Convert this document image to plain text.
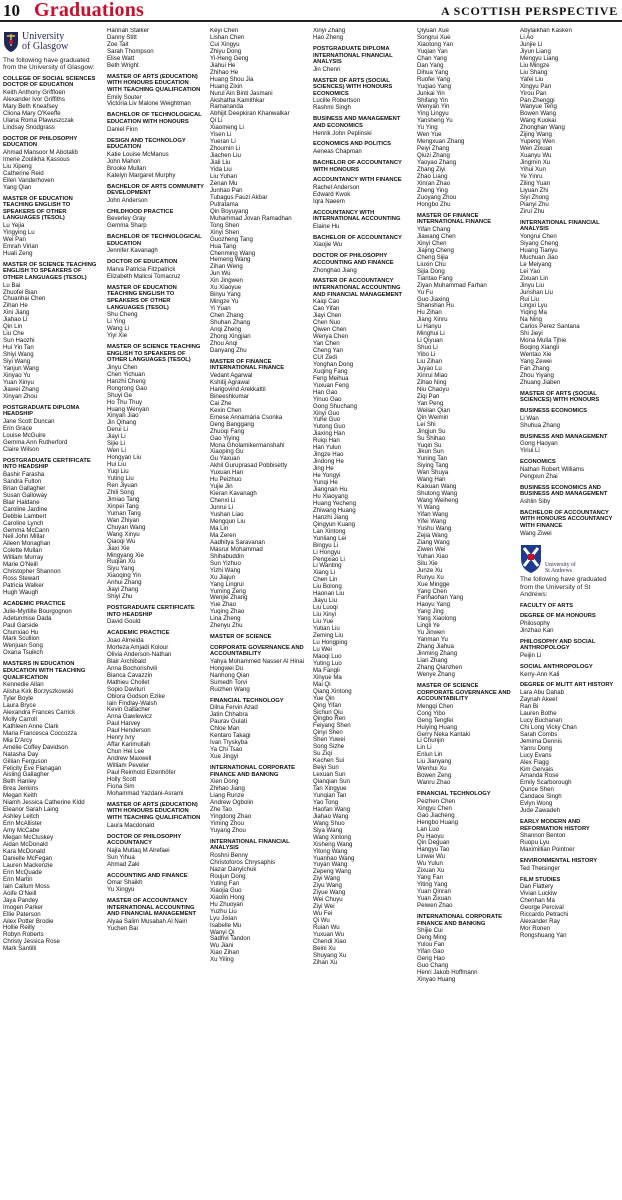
10 Graduations	A SCOTTISH PERSPECTIVE
University
of Glasgow
The following have graduated from the University of Glasgow:
COLLEGE OF SOCIAL SCIENCES DOCTOR OF EDUCATION
Keith Anthony Griffloen
Alexander Ivor Griffiths
Mary Beth Kneafsey
Cliona Mary O'Keeffe
Ulana Roma Plawuszczak
Lindsay Snodgrass
DOCTOR OF PHILOSOPHY EDUCATION
Ahmad Mansoor M Abotalib
Imene Zoulikha Kassous
Liu Xipeng
Catherine Reid
Ellen Vanderhoven
Yang Qian
MASTER OF EDUCATION TEACHING ENGLISH TO SPEAKERS OF OTHER LANGUAGES (TESOL)
Lu Yejia
Yingying Lu
Wei Pan
Emrah Virlan
Huali Zeng
MASTER OF SCIENCE TEACHING ENGLISH TO SPEAKERS OF OTHER LANGUAGES (TESOL)
Lu Bai
Zhuofei Bian
Chuanhai Chen
Zihan He
Xini Jiang
Jiahao Li
Qin Lin
Liu Che
Sun Haozhi
Hui Yin Tan
Shiyi Wang
Siyi Wang
Yanjun Wang
Xinyao Yu
Yuan Xinyu
Jiawei Zhang
Xinyan Zhou
POSTGRADUATE DIPLOMA HEADSHIP
Jane Scott Duncan
Erin Grace
Louise McGuire
Gemma Ann Rutherford
Claire Wilson
POSTGRADUATE CERTIFICATE INTO HEADSHIP
Bashir Farasha
Sandra Fulton
Brian Gallagher
Susan Galloway
Blair Haldane
Caroline Jardine
Debbie Lambert
Caroline Lynch
Gemma McCann
Neil John Millar
Aileen Monaghan
Colette Mullan
William Murray
Marie O'Neill
Christopher Shannon
Ross Stewart
Patricia Walker
Hugh Waugh
ACADEMIC PRACTICE
Julie-Myrtille Bourgognon
Adetunmise Dada
Paul Garside
Chunxiao Hu
Mark Scullion
Wenjuan Song
Oxana Tsuikch
MASTERS IN EDUCATION EDUCATION WITH TEACHING QUALIFICATION
Kennedie Allan
Alisha Kirk Borzyszkowski
Tyler Boyle
Laura Bryce
Alexandra Frances Carrick
Molly Carroll
Kathleen Anne Clark
Maria Francesca Coccozza
Mia D'Arcy
Amélie Coffey Davidson
Natasha Day
Gillian Ferguson
Felicity Eve Flanagan
Aisling Gallagher
Beth Hanley
Brea Jenkins
Megan Keith
Niamh Jessica Catherine Kidd
Eleanor Sarah Laing
Ashley Leitch
Erin McAllister
Amy McCabe
Megan McCluskey
Aidan McDonald
Kara McDonald
Danielle McFegan
Lauren Mackenzie
Erin McQuade
Erin Martin
Iain Callum Moss
Aoife O'Neill
Jaya Pandey
Imogen Parker
Ellie Paterson
Ailex Potter Brodie
Hollie Reilly
Robyn Roberts
Christy Jessica Rose
Mark Santilli
Hannah Stalker
Danny Stitt
Zoe Tait
Sarah Thompson
Elise Watt
Beth Wright
MASTER OF ARTS (EDUCATION) WITH HONOURS EDUCATION WITH TEACHING QUALIFICATION
Emily Souter
Victoria Liv Malone Weightman
BACHELOR OF TECHNOLOGICAL EDUCATION WITH HONOURS
Daniel Finn
DESIGN AND TECHNOLOGY EDUCATION
Katie Louise McManus
John Mahon
Brooke Mullan
Katelyn Margaret Murphy
BACHELOR OF ARTS COMMUNITY DEVELOPMENT
John Anderson
CHILDHOOD PRACTICE
Beverley Gray
Gemma Sharp
BACHELOR OF TECHNOLOGICAL EDUCATION
Jennifer Kavanagh
DOCTOR OF EDUCATION
Marva Patricia Fitzpatrick
Elizabeth Malicsi Tomacruz
MASTER OF EDUCATION TEACHING ENGLISH TO SPEAKERS OF OTHER LANGUAGES (TESOL)
Shu Cheng
Li Ying
Wang Li
Yiyi Xie
MASTER OF SCIENCE TEACHING ENGLISH TO SPEAKERS OF OTHER LANGUAGES (TESOL)
Jinyu Chen
Chen Yichuan
Hanzhi Cheng
Rongrong Gao
Shuyi Ge
Ho Thu Thuy
Huang Wenyan
Xinyan Jiao
Jin Qihang
Derui Li
Jiayi Li
Sijie Li
Wen Li
Hongyan Liu
Hui Liu
Yuqi Liu
Yuting Liu
Ren Jiyuan
Zhili Song
Jimiao Tang
Xinpei Tang
Yuman Tang
Wan Zhiyan
Chuyan Wang
Wang Xinyu
Qiaoqi Wu
Jiaxi Xie
Mingyang Xie
Ruqian Xu
Siyu Yang
Xiaoqing Yin
Anhui Zhang
Jiayi Zhang
Shiyi Zhu
POSTGRADUATE CERTIFICATE INTO HEADSHIP
David Gould
ACADEMIC PRACTICE
Joao Almeida
Morteza Amjadi Kolour
Olivia Anderson-Nathan
Blair Archibald
Anna Bochorishvili
Bianca Cavazzin
Mathieu Chollet
Sopio Davituri
Obiora Godson Ezike
Iain Findlay-Walsh
Kevin Gallacher
Anna Gawlewicz
Paul Harvey
Paul Henderson
Henry Ivry
Affar Karimullah
Chun Hei Lee
Andrew Maxwell
William Peveler
Paul Reinhold Eizenhöfer
Holly Scott
Fiona Sim
Mohammad Yazdani-Asrami
MASTER OF ARTS (EDUCATION) WITH HONOURS EDUCATION WITH TEACHING QUALIFICATION
Laura Macdonald
DOCTOR OF PHILOSOPHY ACCOUNTANCY
Najla Mutlaq M Alrefaei
Sun Yihua
Ahmad Zaki
ACCOUNTING AND FINANCE
Omar Shaikh
Yu Xingyu
MASTER OF ACCOUNTANCY INTERNATIONAL ACCOUNTING AND FINANCIAL MANAGEMENT
Alyaa Salim Musabah Al Nairi
Yuchen Bai
Keyi Chen
Lishan Chen
Cui Xingyu
Zhiyu Dong
Yi-Heng Geng
Jiahui He
Zhihao He
Huang Shou Jia
Huang Zixin
Nurul Ain Binti Jasmani
Akshatha Kamithkar
Ramananda
Abhijit Deepkiran Khanwalkar
Qi Li
Xiaomeng Li
Yisen Li
Yueran Li
Zhoumin Li
Jiachen Liu
Jiali Liu
Yida Liu
Liu Yuhan
Zenan Mu
Junhao Pan
Tubagus Fauzi Akbar
Putratama
Qin Boyuyang
Muhammad Jovan Ramadhan
Tong Shen
Xinyi Shen
Guozheng Tang
Hua Tang
Chenming Wang
Hemeng Wang
Zihan Weng
Jun Wu
Xin Jingwen
Xu Xiaoyue
Binyu Yang
Mingze Yu
Yi Yuan
Chen Zhang
Shuhan Zhang
Anqi Zheng
Zhong Xingjian
Zhou Anqi
Danyang Zhu
MASTER OF FINANCE INTERNATIONAL FINANCE
Vedant Agarwal
Kshitij Agrawal
Harigovind Arekkattil
Bineeshkumar
Cai Zhe
Kexin Chen
Emese Annamária Csonka
Deng Banggang
Zhuoqi Fang
Gao Yiying
Mona Gholamikermanshahi
Xiaoping Gu
Gu Yaxuan
Akhil Guruprasad Pobbisetty
Yuxuan Han
Hu Peizhuo
Yujie Jin
Kieran Kavanagh
Chenxi Li
Junrui Li
Yushan Liao
Mengqun Liu
Ma Lin
Ma Zeren
Aadhitya Saravanan
Masrur Mohammad
Shihabuddin
Sun Yizhuo
Yizhi Wang
Xu Jiajun
Yang Lingrui
Yuming Zeng
Wenjie Zhang
Yue Zhao
Yuqing Zhao
Lina Zheng
Zhenyu Zhu
MASTER OF SCIENCE
CORPORATE GOVERNANCE AND ACCOUNTABILITY
Yahya Mohammed Nasser Al Hinai
Hongwei Du
Nanhong Qian
Sumedh Torvi
Ruizhen Wang
FINANCIAL TECHNOLOGY
Dilna Fervin Azad
Jatin Chhabra
Paurav Gulati
Chloe Man
Kentaro Takagi
Ivan Tryskyba
Ya Chi Tsao
Xue Jingyi
INTERNATIONAL CORPORATE FINANCE AND BANKING
Xien Dong
Zhihao Jiang
Liang Runze
Andrew Ogbolin
Zhe Tao
Yingdong Zhao
Yiming Zhou
Yuyang Zhou
INTERNATIONAL FINANCIAL ANALYSIS
Roshni Benny
Christoforos Chrysaphis
Nazar Danylchuk
Roujun Dong
Yuting Fan
Xiaojia Guo
Xiaolin Hong
Hu Zhuoyan
Yuzhu Liu
Lyu Jixian
Isabelle Mu
Wanyi Qi
Sadhvi Tandon
Wu Jiani
Xiao Zihan
Xu Yiling
Xinyi Zhang
Hao Zheng
POSTGRADUATE DIPLOMA INTERNATIONAL FINANCIAL ANALYSIS
Jin Chenri
MASTER OF ARTS (SOCIAL SCIENCES) WITH HONOURS ECONOMICS
Lucille Robertson
Rashmi Singh
BUSINESS AND MANAGEMENT AND ECONOMICS
Henrik John Peplinski
ECONOMICS AND POLITICS
Aeneas Chapman
BACHELOR OF ACCOUNTANCY WITH HONOURS
ACCOUNTANCY WITH FINANCE
Rachel Anderson
Edward Kwok
Iqra Naeem
ACCOUNTANCY WITH INTERNATIONAL ACCOUNTING
Elaine Hu
BACHELOR OF ACCOUNTANCY
Xiaojie Wu
DOCTOR OF PHILOSOPHY ACCOUNTING AND FINANCE
Zhonghao Jiang
MASTER OF ACCOUNTANCY INTERNATIONAL ACCOUNTING AND FINANCIAL MANAGEMENT
Kaiqi Cao
Cao Yifan
Jiayi Chen
Chen Nuo
Qiwen Chen
Wenya Chen
Yan Chen
Cheng Yan
CUI Zedi
Yonghan Dong
Xuqing Fang
Feng Meihua
Yuxuan Feng
Han Gao
Yinuo Gao
Gong Shuchang
Xinyi Guo
Yuhe Guo
Yutong Guo
Jiaxing Han
Ruiqi Han
Han Yulun
Jingze Hao
Jindong He
Jing He
He Yongyi
Yunqi He
Jiangnan Hu
Hu Xiaoyang
Huang Yecheng
Zhiwang Huang
Hanzhi Jiang
Qingyun Kuang
Lan Xintong
Yunliang Lei
Bingyu Li
Li Hongyu
Pengxiao Li
Li Wanting
Xiang Li
Chen Lin
Liu Bolong
Haonan Liu
Jiayu Liu
Liu Luoqi
Liu Xinyi
Liu Yue
Yutian Liu
Zeming Liu
Lu Hongping
Lu Wei
Maoqi Luo
Yuting Luo
Ma Fangli
Xinyue Ma
Mai Qi
Qiang Xintong
Yue Qin
Qing Yifan
Sichun Qiu
Qingbo Ren
Feiyang Shen
Qinyi Shen
Shen Yuwei
Song Sizhe
Su Ziqi
Kechen Sui
Beiyi Sun
Lexuan Sun
Qianqian Sun
Tan Xingyue
Yunqian Tan
Yao Tong
Haofan Wang
Jiahao Wang
Wang Shuo
Siya Wang
Wang Xintong
Xisheng Wang
Yitong Wang
Yuanhao Wang
Yuyan Wang
Zepeng Wang
Ziyi Wang
Ziyu Wang
Ziyue Wang
Wei Chuyu
Ziyi Wei
Wu Fei
Qi Wu
Ruian Wu
Yuxuan Wu
Chendi Xiao
Beini Xu
Shuyang Xu
Zihan Xu
Qiyuan Xue
Songrui Xue
Xiaotong Yan
Yuqian Yan
Chan Yang
Dan Yang
Dihua Yang
Ruofei Yang
Yuqiao Yang
Junkai Yin
Shifang Yin
Wenyan Yin
Ying Lingyu
Yansheng Yu
Yu Ying
Wen Yue
Mengxuan Zhang
Peiyi Zhang
Qiuzi Zhang
Yaoyao Zhang
Zhang Ziyi
Zhao Liang
Xinran Zhao
Zheng Ying
Zuoyang Zhou
Hongbo Zhu
MASTER OF FINANCE INTERNATIONAL FINANCE
Yifan Chang
Jiawang Chen
Xinyi Chen
Jiajing Cheng
Cheng Sijia
Liuxin Chu
Sijia Dong
Tiantao Fang
Ziyan Muhammad Farhan
Yu Fu
Guo Jiaxing
Shanshan Hu
Hu Zihan
Jiang Xinru
Li Hanyu
Minghui Li
Li Qiyuan
Shuo Li
Yibo Li
Liu Zihan
Juyao Lu
Xinrui Miao
Zihao Ning
Niu Chaoyu
Ziqi Pan
Yan Peng
Weilan Qian
Qin Weimin
Lei Shi
Jingjun Su
Su Shihao
Yuqin Su
Jikun Sun
Yuning Tan
Siying Tang
Wan Shuya
Wang Han
Kaixuan Wang
Shutong Wang
Wang Weiheng
Yi Wang
Yifan Wang
Yifei Wang
Yushu Wang
Zejia Wang
Ziang Wang
Ziwen Wei
Yuhan Xiao
Silu Xie
Junze Xu
Runyu Xu
Xue Mingge
Yang Chen
Fanhaohan Yang
Haoyu Yang
Yang Jing
Yang Xiaolong
Lingli Ye
Yu Jinwen
Yanman Yu
Zhang Jiahua
Jinming Zhang
Lian Zhang
Zhang Qianzhen
Wenye Zhang
MASTER OF SCIENCE CORPORATE GOVERNANCE AND ACCOUNTABILITY
Mengqi Chen
Cong Yibo
Geng Tengfei
Huiying Huang
Gerry Neka Kantaki
Li Chunjin
Lin Li
Enlun Lin
Liu Jianyang
Wenhui Xu
Bowen Zeng
Wanru Zhao
FINANCIAL TECHNOLOGY
Peizhen Chen
Xingyu Chen
Gao Jiacheng
Hengbo Huang
Lan Luo
Pu Haoyu
Qin Deguan
Hangyu Tao
Linwei Wu
Wu Yulun
Zixuan Xu
Yang Fan
Yiting Yang
Yuan Qinran
Yuan Zixuan
Peiwen Zhao
INTERNATIONAL CORPORATE FINANCE AND BANKING
Shijie Cui
Deng Ming
Yulou Fan
Yifan Gao
Geng Hao
Guo Chang
Henri Jakob Hoffmann
Xinyao Huang
Abylaikhan Kasken
Li Ao
Junjie Li
Jiyun Liang
Mengyu Liang
Liu Mingze
Liu Shang
Yafei Liu
Xingyu Pan
Yirou Pan
Pan Zhenggi
Wanyue Teng
Bowen Wang
Wang Kuokai
Zhonghan Wang
Zijing Wang
Yupeng Wen
Wen Zixuan
Xuanyu Wu
Jingmin Xu
Yihui Xun
Ye Yinru
Ziling Yuan
Liyuan Zhi
Siyi Zhong
Pianyi Zhu
Ziruì Zhu
INTERNATIONAL FINANCIAL ANALYSIS
Yongrui Chen
Siyang Cheng
Huang Tianyu
Muchuan Jiao
Le Meiyang
Lei Yao
Zixuan Lin
Jinyu Liu
Junshan Liu
Rui Liu
Lingxi Lyu
Yiqing Ma
Na Ning
Carlos Perez Santana
Shi Jieyi
Mona Mulla Tjhie
Boqing Xiangli
Wentao Xie
Yang Zewei
Fan Zhang
Zhou Yiyang
Zhuang Jiaben
MASTER OF ARTS (SOCIAL SCIENCES) WITH HONOURS
BUSINESS ECONOMICS
Li Wan
Shuhua Zhang
BUSINESS AND MANAGEMENT
Gong Haoyan
Yiriui Li
ECONOMICS
Nathan Robert Williams
Pengxun Zhai
BUSINESS ECONOMICS AND BUSINESS AND MANAGEMENT
Ashlin Siby
BACHELOR OF ACCOUNTANCY WITH HONOURS ACCOUNTANCY WITH FINANCE
Wang Ziwei
University of
St Andrews
The following have graduated from the University of St Andrews:
FACULTY OF ARTS
DEGREE OF MA HONOURS
Philosophy
Jinzhao Kan
PHILOSOPHY AND SOCIAL ANTHROPOLOGY
Peijin Li
SOCIAL ANTHROPOLOGY
Kerry-Ann Kali
DEGREE OF MLITT ART HISTORY
Lara Abu Dahab
Zaynah Akeel
Ran Bi
Lauren Bothe
Lucy Buchanan
Chi Long Vicky Chan
Sarah Combs
Jemima Dennis
Yanru Dong
Lucy Evans
Alex Flagg
Kim Gervais
Amanda Rose
Emily Scarborough
Qunce Shen
Candace Singh
Evlyn Wong
Jude Zawadeh
EARLY MODERN AND REFORMATION HISTORY
Shannon Benton
Ruopu Lyu
Maximillian Pointner
ENVIRONMENTAL HISTORY
Ted Theisinger
FILM STUDIES
Dan Flattery
Vivian Luckiw
Chenhan Ma
George Percival
Riccardo Petrachi
Alexander Ray
Mor Ronen
Rongshuang Yan
